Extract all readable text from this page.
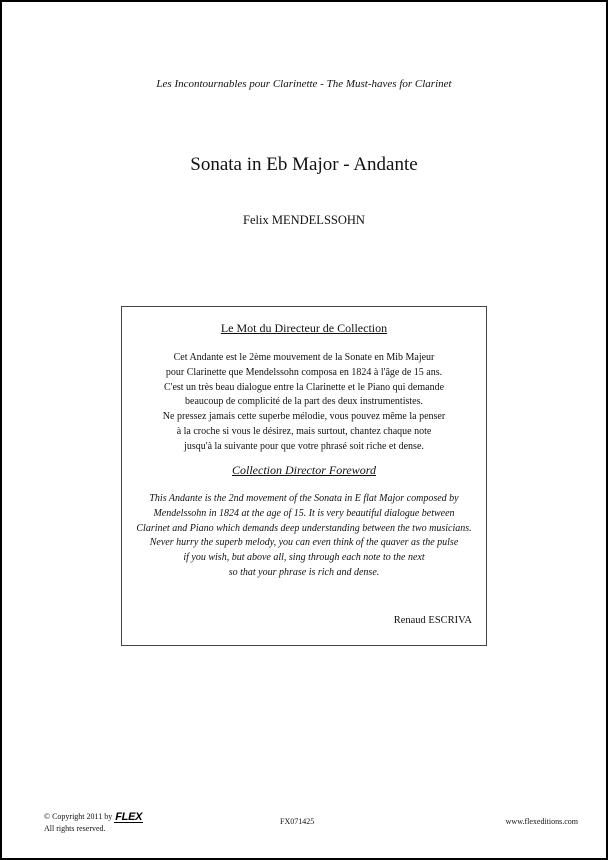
Les Incontournables pour Clarinette - The Must-haves for Clarinet
Sonata in Eb Major - Andante
Felix MENDELSSOHN
Le Mot du Directeur de Collection
Cet Andante est le 2ème mouvement de la Sonate en Mib Majeur
pour Clarinette que Mendelssohn composa en 1824 à l'âge de 15 ans.
C'est un très beau dialogue entre la Clarinette et le Piano qui demande
beaucoup de complicité de la part des deux instrumentistes.
Ne pressez jamais cette superbe mélodie, vous pouvez même la penser
à la croche si vous le désirez, mais surtout, chantez chaque note
jusqu'à la suivante pour que votre phrasé soit riche et dense.
Collection Director Foreword
This Andante is the 2nd movement of the Sonata in E flat Major composed by
Mendelssohn in 1824 at the age of 15. It is very beautiful dialogue between
Clarinet and Piano which demands deep understanding between the two musicians.
Never hurry the superb melody, you can even think of the quaver as the pulse
if you wish, but above all, sing through each note to the next
so that your phrase is rich and dense.
Renaud ESCRIVA
© Copyright 2011 by FLEX
All rights reserved.
FX071425	www.flexeditions.com
